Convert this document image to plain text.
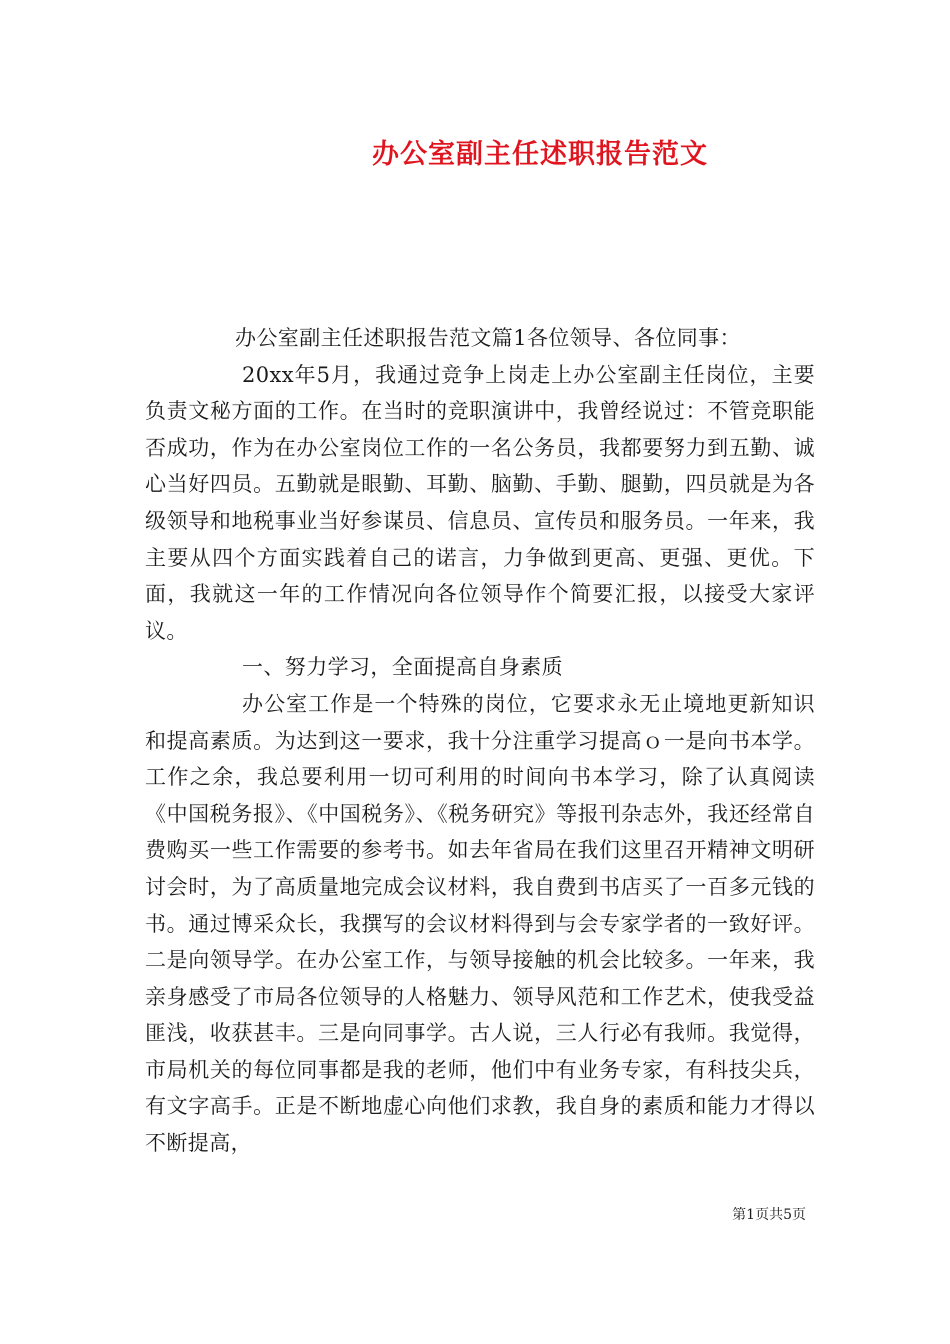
办公室副主任述职报告范文

办公室副主任述职报告范文篇1各位领导、各位同事：

20xx年5月，我通过竞争上岗走上办公室副主任岗位，主要负责文秘方面的工作。在当时的竞职演讲中，我曾经说过：不管竞职能否成功，作为在办公室岗位工作的一名公务员，我都要努力到五勤、诚心当好四员。五勤就是眼勤、耳勤、脑勤、手勤、腿勤，四员就是为各级领导和地税事业当好参谋员、信息员、宣传员和服务员。一年来，我主要从四个方面实践着自己的诺言，力争做到更高、更强、更优。下面，我就这一年的工作情况向各位领导作个简要汇报，以接受大家评议。

一、努力学习，全面提高自身素质

办公室工作是一个特殊的岗位，它要求永无止境地更新知识和提高素质。为达到这一要求，我十分注重学习提高ｏ一是向书本学。工作之余，我总要利用一切可利用的时间向书本学习，除了认真阅读《中国税务报》、《中国税务》、《税务研究》等报刊杂志外，我还经常自费购买一些工作需要的参考书。如去年省局在我们这里召开精神文明研讨会时，为了高质量地完成会议材料，我自费到书店买了一百多元钱的书。通过博采众长，我撰写的会议材料得到与会专家学者的一致好评。二是向领导学。在办公室工作，与领导接触的机会比较多。一年来，我亲身感受了市局各位领导的人格魅力、领导风范和工作艺术，使我受益匪浅，收获甚丰。三是向同事学。古人说，三人行必有我师。我觉得，市局机关的每位同事都是我的老师，他们中有业务专家，有科技尖兵，有文字高手。正是不断地虚心向他们求教，我自身的素质和能力才得以不断提高，

第1页共5页
